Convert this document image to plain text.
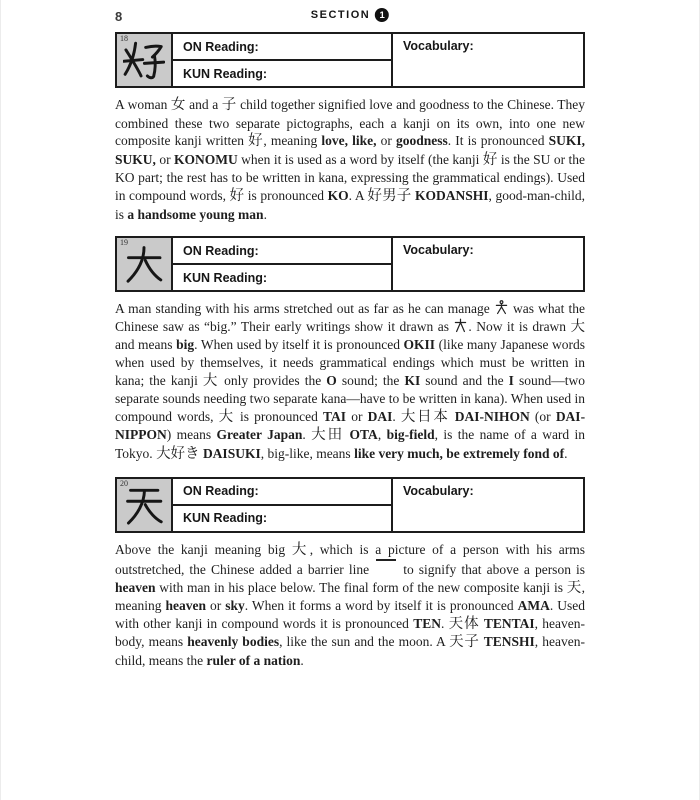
8	SECTION 1
18
ON Reading:
KUN Reading:
Vocabulary:

A woman 女 and a 子 child together signified love and goodness to the Chinese. They combined these two separate pictographs, each a kanji on its own, into one new composite kanji written 好, meaning love, like, or goodness. It is pronounced SUKI, SUKU, or KONOMU when it is used as a word by itself (the kanji 好 is the SU or the KO part; the rest has to be written in kana, expressing the grammatical endings). Used in compound words, 好 is pronounced KO. A 好男子 KODANSHI, good-man-child, is a handsome young man.

19
ON Reading:
KUN Reading:
Vocabulary:

A man standing with his arms stretched out as far as he can manage  was what the Chinese saw as “big.” Their early writings show it drawn as . Now it is drawn 大 and means big. When used by itself it is pronounced OKII (like many Japanese words when used by themselves, it needs grammatical endings which must be written in kana; the kanji 大 only provides the O sound; the KI sound and the I sound—two separate sounds needing two separate kana—have to be written in kana). When used in compound words, 大 is pronounced TAI or DAI. 大日本 DAI-NIHON (or DAI-NIPPON) means Greater Japan. 大田 OTA, big-field, is the name of a ward in Tokyo. 大好き DAISUKI, big-like, means like very much, be extremely fond of.

20
ON Reading:
KUN Reading:
Vocabulary:

Above the kanji meaning big 大, which is a picture of a person with his arms outstretched, the Chinese added a barrier line  to signify that above a person is heaven with man in his place below. The final form of the new composite kanji is 天, meaning heaven or sky. When it forms a word by itself it is pronounced AMA. Used with other kanji in compound words it is pronounced TEN. 天体 TENTAI, heaven-body, means heavenly bodies, like the sun and the moon. A 天子 TENSHI, heaven-child, means the ruler of a nation.
